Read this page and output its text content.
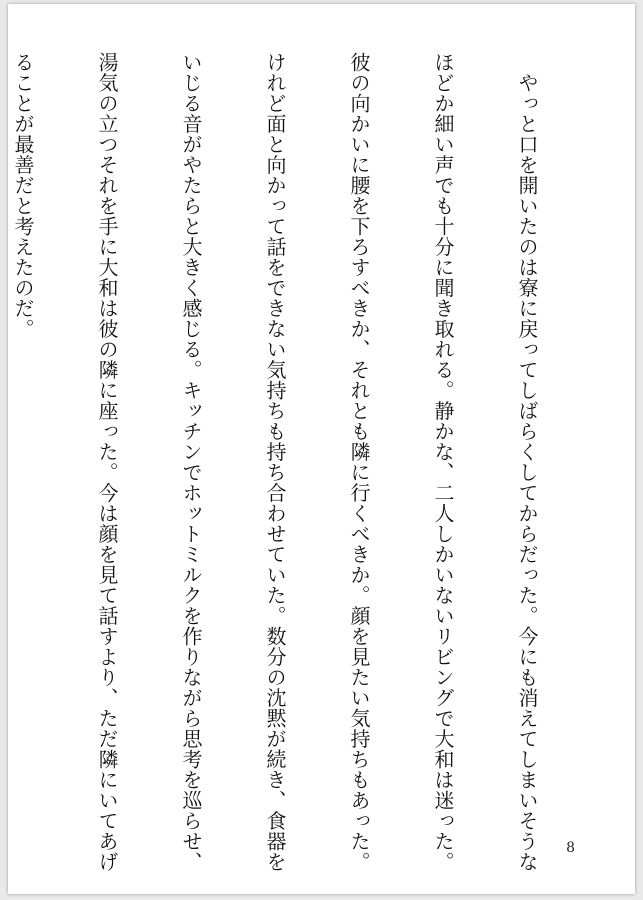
　やっと口を開いたのは寮に戻ってしばらくしてからだった。今にも消えてしまいそうな

ほどか細い声でも十分に聞き取れる。静かな、二人しかいないリビングで大和は迷った。

彼の向かいに腰を下ろすべきか、それとも隣に行くべきか。顔を見たい気持ちもあった。

けれど面と向かって話をできない気持ちも持ち合わせていた。数分の沈黙が続き、食器を

いじる音がやたらと大きく感じる。キッチンでホットミルクを作りながら思考を巡らせ、

湯気の立つそれを手に大和は彼の隣に座った。今は顔を見て話すより、ただ隣にいてあげ

ることが最善だと考えたのだ。

8
